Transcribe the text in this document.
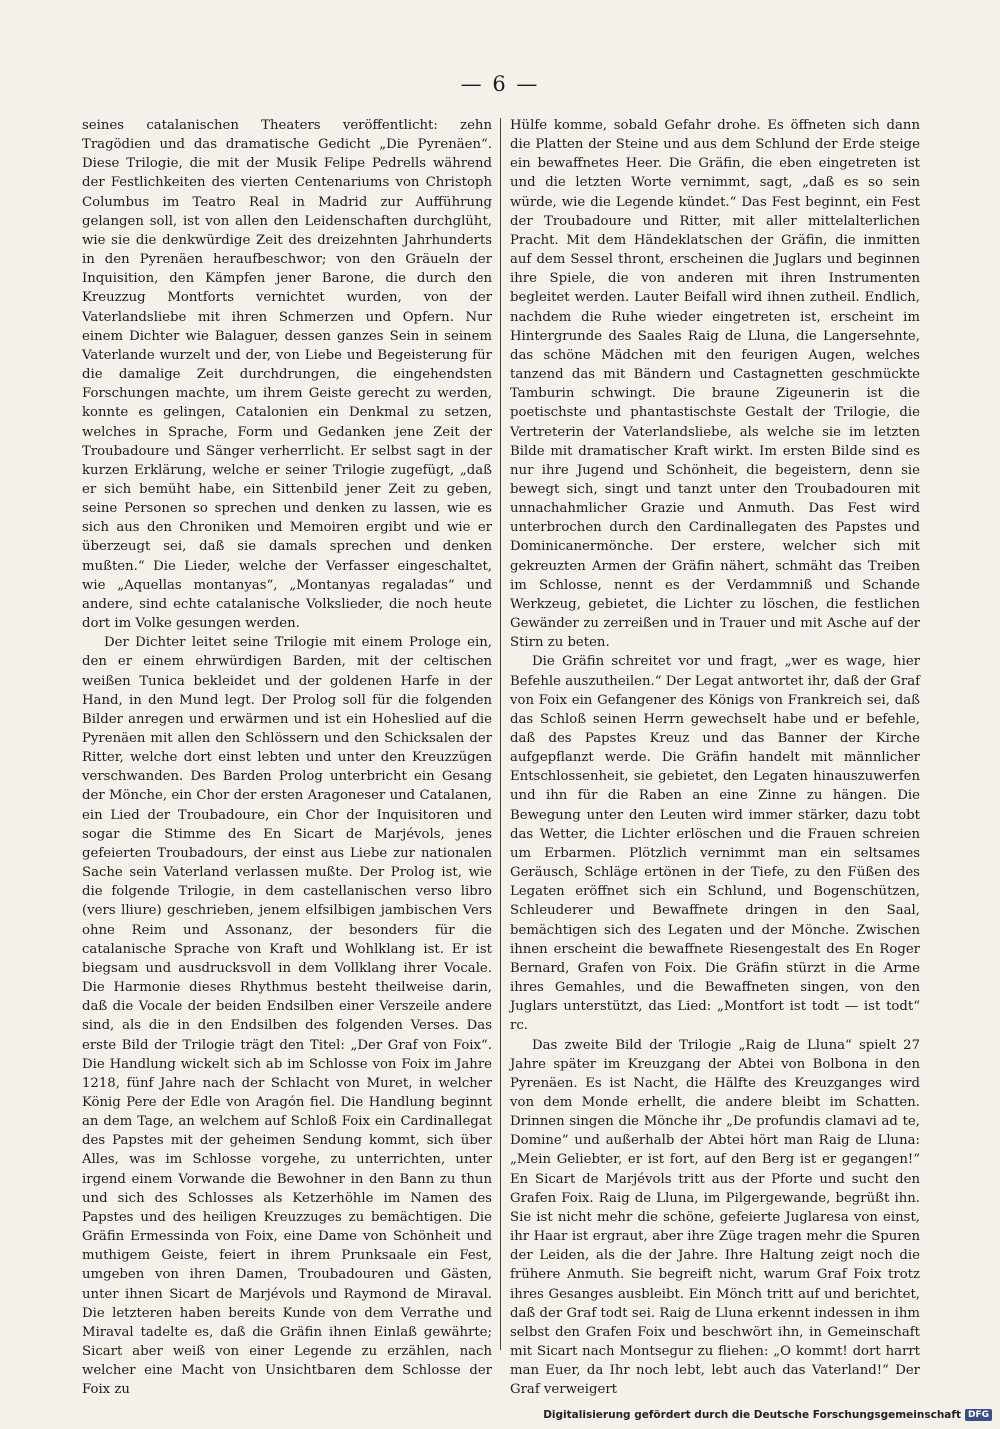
— 6 —

seines catalanischen Theaters veröffentlicht: zehn Tragödien und das dramatische Gedicht „Die Pyrenäen“. Diese Trilogie, die mit der Musik Felipe Pedrells während der Festlichkeiten des vierten Centenariums von Christoph Columbus im Teatro Real in Madrid zur Aufführung gelangen soll, ist von allen den Leidenschaften durchglüht, wie sie die denkwürdige Zeit des dreizehnten Jahrhunderts in den Pyrenäen heraufbeschwor; von den Gräueln der Inquisition, den Kämpfen jener Barone, die durch den Kreuzzug Montforts vernichtet wurden, von der Vaterlandsliebe mit ihren Schmerzen und Opfern. Nur einem Dichter wie Balaguer, dessen ganzes Sein in seinem Vaterlande wurzelt und der, von Liebe und Begeisterung für die damalige Zeit durchdrungen, die eingehendsten Forschungen machte, um ihrem Geiste gerecht zu werden, konnte es gelingen, Catalonien ein Denkmal zu setzen, welches in Sprache, Form und Gedanken jene Zeit der Troubadoure und Sänger verherrlicht. Er selbst sagt in der kurzen Erklärung, welche er seiner Trilogie zugefügt, „daß er sich bemüht habe, ein Sittenbild jener Zeit zu geben, seine Personen so sprechen und denken zu lassen, wie es sich aus den Chroniken und Memoiren ergibt und wie er überzeugt sei, daß sie damals sprechen und denken mußten.“ Die Lieder, welche der Verfasser eingeschaltet, wie „Aquellas montanyas“, „Montanyas regaladas“ und andere, sind echte catalanische Volkslieder, die noch heute dort im Volke gesungen werden.

Der Dichter leitet seine Trilogie mit einem Prologe ein, den er einem ehrwürdigen Barden, mit der celtischen weißen Tunica bekleidet und der goldenen Harfe in der Hand, in den Mund legt. Der Prolog soll für die folgenden Bilder anregen und erwärmen und ist ein Hoheslied auf die Pyrenäen mit allen den Schlössern und den Schicksalen der Ritter, welche dort einst lebten und unter den Kreuzzügen verschwanden. Des Barden Prolog unterbricht ein Gesang der Mönche, ein Chor der ersten Aragoneser und Catalanen, ein Lied der Troubadoure, ein Chor der Inquisitoren und sogar die Stimme des En Sicart de Marjévols, jenes gefeierten Troubadours, der einst aus Liebe zur nationalen Sache sein Vaterland verlassen mußte. Der Prolog ist, wie die folgende Trilogie, in dem castellanischen verso libro (vers lliure) geschrieben, jenem elfsilbigen jambischen Vers ohne Reim und Assonanz, der besonders für die catalanische Sprache von Kraft und Wohlklang ist. Er ist biegsam und ausdrucksvoll in dem Vollklang ihrer Vocale. Die Harmonie dieses Rhythmus besteht theilweise darin, daß die Vocale der beiden Endsilben einer Verszeile andere sind, als die in den Endsilben des folgenden Verses. Das erste Bild der Trilogie trägt den Titel: „Der Graf von Foix“. Die Handlung wickelt sich ab im Schlosse von Foix im Jahre 1218, fünf Jahre nach der Schlacht von Muret, in welcher König Pere der Edle von Aragón fiel. Die Handlung beginnt an dem Tage, an welchem auf Schloß Foix ein Cardinallegat des Papstes mit der geheimen Sendung kommt, sich über Alles, was im Schlosse vorgehe, zu unterrichten, unter irgend einem Vorwande die Bewohner in den Bann zu thun und sich des Schlosses als Ketzerhöhle im Namen des Papstes und des heiligen Kreuzzuges zu bemächtigen. Die Gräfin Ermessinda von Foix, eine Dame von Schönheit und muthigem Geiste, feiert in ihrem Prunksaale ein Fest, umgeben von ihren Damen, Troubadouren und Gästen, unter ihnen Sicart de Marjévols und Raymond de Miraval. Die letzteren haben bereits Kunde von dem Verrathe und Miraval tadelte es, daß die Gräfin ihnen Einlaß gewährte; Sicart aber weiß von einer Legende zu erzählen, nach welcher eine Macht von Unsichtbaren dem Schlosse der Foix zu

Hülfe komme, sobald Gefahr drohe. Es öffneten sich dann die Platten der Steine und aus dem Schlund der Erde steige ein bewaffnetes Heer. Die Gräfin, die eben eingetreten ist und die letzten Worte vernimmt, sagt, „daß es so sein würde, wie die Legende kündet.“ Das Fest beginnt, ein Fest der Troubadoure und Ritter, mit aller mittelalterlichen Pracht. Mit dem Händeklatschen der Gräfin, die inmitten auf dem Sessel thront, erscheinen die Juglars und beginnen ihre Spiele, die von anderen mit ihren Instrumenten begleitet werden. Lauter Beifall wird ihnen zutheil. Endlich, nachdem die Ruhe wieder eingetreten ist, erscheint im Hintergrunde des Saales Raig de Lluna, die Langersehnte, das schöne Mädchen mit den feurigen Augen, welches tanzend das mit Bändern und Castagnetten geschmückte Tamburin schwingt. Die braune Zigeunerin ist die poetischste und phantastischste Gestalt der Trilogie, die Vertreterin der Vaterlandsliebe, als welche sie im letzten Bilde mit dramatischer Kraft wirkt. Im ersten Bilde sind es nur ihre Jugend und Schönheit, die begeistern, denn sie bewegt sich, singt und tanzt unter den Troubadouren mit unnachahmlicher Grazie und Anmuth. Das Fest wird unterbrochen durch den Cardinallegaten des Papstes und Dominicanermönche. Der erstere, welcher sich mit gekreuzten Armen der Gräfin nähert, schmäht das Treiben im Schlosse, nennt es der Verdammniß und Schande Werkzeug, gebietet, die Lichter zu löschen, die festlichen Gewänder zu zerreißen und in Trauer und mit Asche auf der Stirn zu beten.

Die Gräfin schreitet vor und fragt, „wer es wage, hier Befehle auszutheilen.“ Der Legat antwortet ihr, daß der Graf von Foix ein Gefangener des Königs von Frankreich sei, daß das Schloß seinen Herrn gewechselt habe und er befehle, daß des Papstes Kreuz und das Banner der Kirche aufgepflanzt werde. Die Gräfin handelt mit männlicher Entschlossenheit, sie gebietet, den Legaten hinauszuwerfen und ihn für die Raben an eine Zinne zu hängen. Die Bewegung unter den Leuten wird immer stärker, dazu tobt das Wetter, die Lichter erlöschen und die Frauen schreien um Erbarmen. Plötzlich vernimmt man ein seltsames Geräusch, Schläge ertönen in der Tiefe, zu den Füßen des Legaten eröffnet sich ein Schlund, und Bogenschützen, Schleuderer und Bewaffnete dringen in den Saal, bemächtigen sich des Legaten und der Mönche. Zwischen ihnen erscheint die bewaffnete Riesengestalt des En Roger Bernard, Grafen von Foix. Die Gräfin stürzt in die Arme ihres Gemahles, und die Bewaffneten singen, von den Juglars unterstützt, das Lied: „Montfort ist todt — ist todt“ rc.

Das zweite Bild der Trilogie „Raig de Lluna“ spielt 27 Jahre später im Kreuzgang der Abtei von Bolbona in den Pyrenäen. Es ist Nacht, die Hälfte des Kreuzganges wird von dem Monde erhellt, die andere bleibt im Schatten. Drinnen singen die Mönche ihr „De profundis clamavi ad te, Domine“ und außerhalb der Abtei hört man Raig de Lluna: „Mein Geliebter, er ist fort, auf den Berg ist er gegangen!“ En Sicart de Marjévols tritt aus der Pforte und sucht den Grafen Foix. Raig de Lluna, im Pilgergewande, begrüßt ihn. Sie ist nicht mehr die schöne, gefeierte Juglaresa von einst, ihr Haar ist ergraut, aber ihre Züge tragen mehr die Spuren der Leiden, als die der Jahre. Ihre Haltung zeigt noch die frühere Anmuth. Sie begreift nicht, warum Graf Foix trotz ihres Gesanges ausbleibt. Ein Mönch tritt auf und berichtet, daß der Graf todt sei. Raig de Lluna erkennt indessen in ihm selbst den Grafen Foix und beschwört ihn, in Gemeinschaft mit Sicart nach Montsegur zu fliehen: „O kommt! dort harrt man Euer, da Ihr noch lebt, lebt auch das Vaterland!“ Der Graf verweigert

Digitalisierung gefördert durch die Deutsche Forschungsgemeinschaft DFG
